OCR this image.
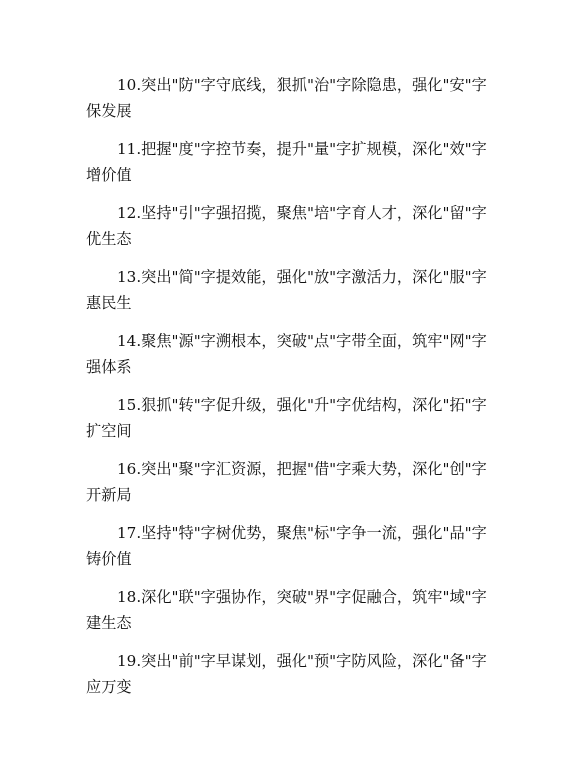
10.突出"防"字守底线，狠抓"治"字除隐患，强化"安"字保发展
11.把握"度"字控节奏，提升"量"字扩规模，深化"效"字增价值
12.坚持"引"字强招揽，聚焦"培"字育人才，深化"留"字优生态
13.突出"简"字提效能，强化"放"字激活力，深化"服"字惠民生
14.聚焦"源"字溯根本，突破"点"字带全面，筑牢"网"字强体系
15.狠抓"转"字促升级，强化"升"字优结构，深化"拓"字扩空间
16.突出"聚"字汇资源，把握"借"字乘大势，深化"创"字开新局
17.坚持"特"字树优势，聚焦"标"字争一流，强化"品"字铸价值
18.深化"联"字强协作，突破"界"字促融合，筑牢"域"字建生态
19.突出"前"字早谋划，强化"预"字防风险，深化"备"字应万变
